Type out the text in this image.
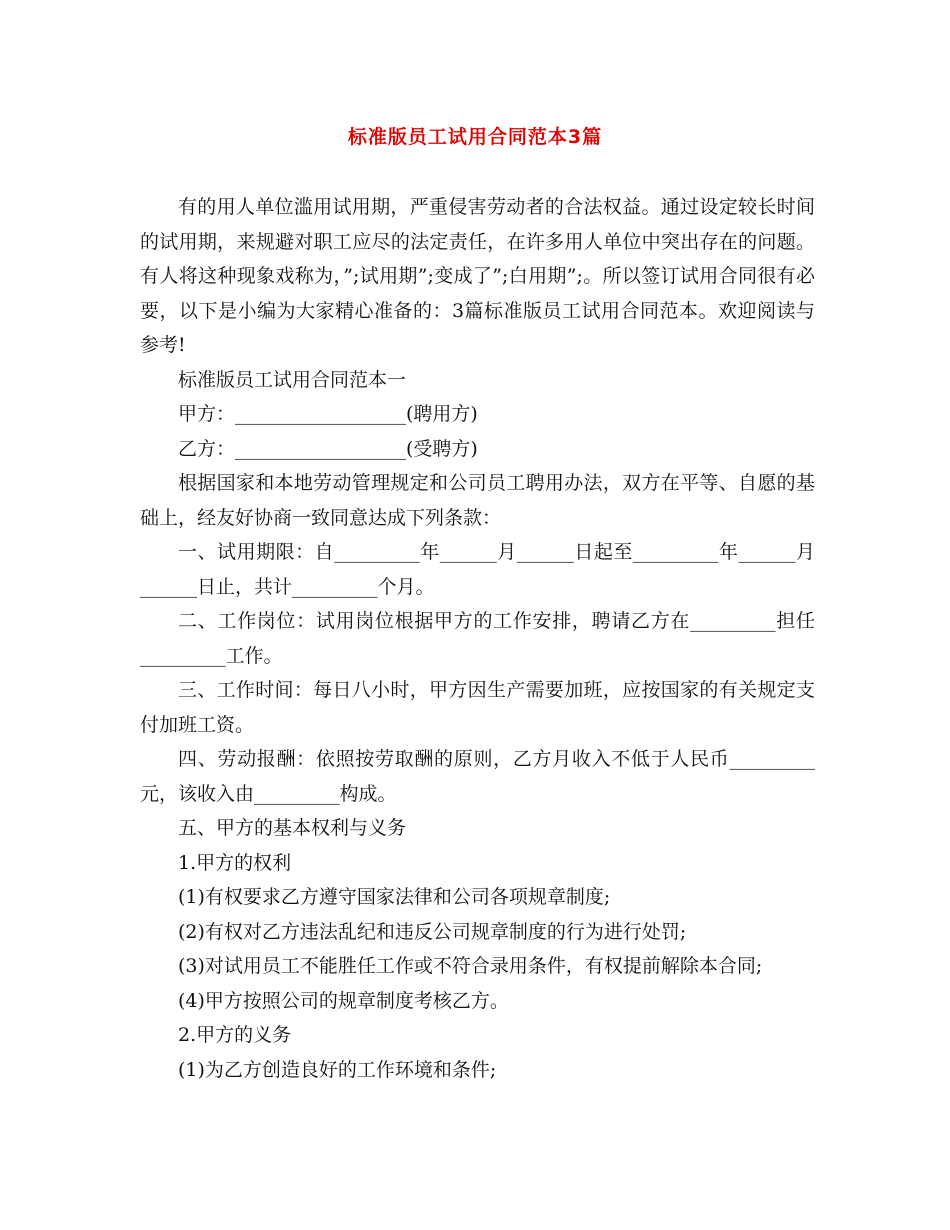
标准版员工试用合同范本3篇

有的用人单位滥用试用期，严重侵害劳动者的合法权益。通过设定较长时间的试用期，来规避对职工应尽的法定责任，在许多用人单位中突出存在的问题。有人将这种现象戏称为，”;试用期”;变成了”;白用期”;。所以签订试用合同很有必要，以下是小编为大家精心准备的：3篇标准版员工试用合同范本。欢迎阅读与参考!

标准版员工试用合同范本一

甲方：__________________(聘用方)

乙方：__________________(受聘方)

根据国家和本地劳动管理规定和公司员工聘用办法，双方在平等、自愿的基础上，经友好协商一致同意达成下列条款：

一、试用期限：自_________年______月______日起至_________年______月______日止，共计_________个月。

二、工作岗位：试用岗位根据甲方的工作安排，聘请乙方在_________担任_________工作。

三、工作时间：每日八小时，甲方因生产需要加班，应按国家的有关规定支付加班工资。

四、劳动报酬：依照按劳取酬的原则，乙方月收入不低于人民币_________元，该收入由_________构成。

五、甲方的基本权利与义务

1.甲方的权利

(1)有权要求乙方遵守国家法律和公司各项规章制度;

(2)有权对乙方违法乱纪和违反公司规章制度的行为进行处罚;

(3)对试用员工不能胜任工作或不符合录用条件，有权提前解除本合同;

(4)甲方按照公司的规章制度考核乙方。

2.甲方的义务

(1)为乙方创造良好的工作环境和条件;
